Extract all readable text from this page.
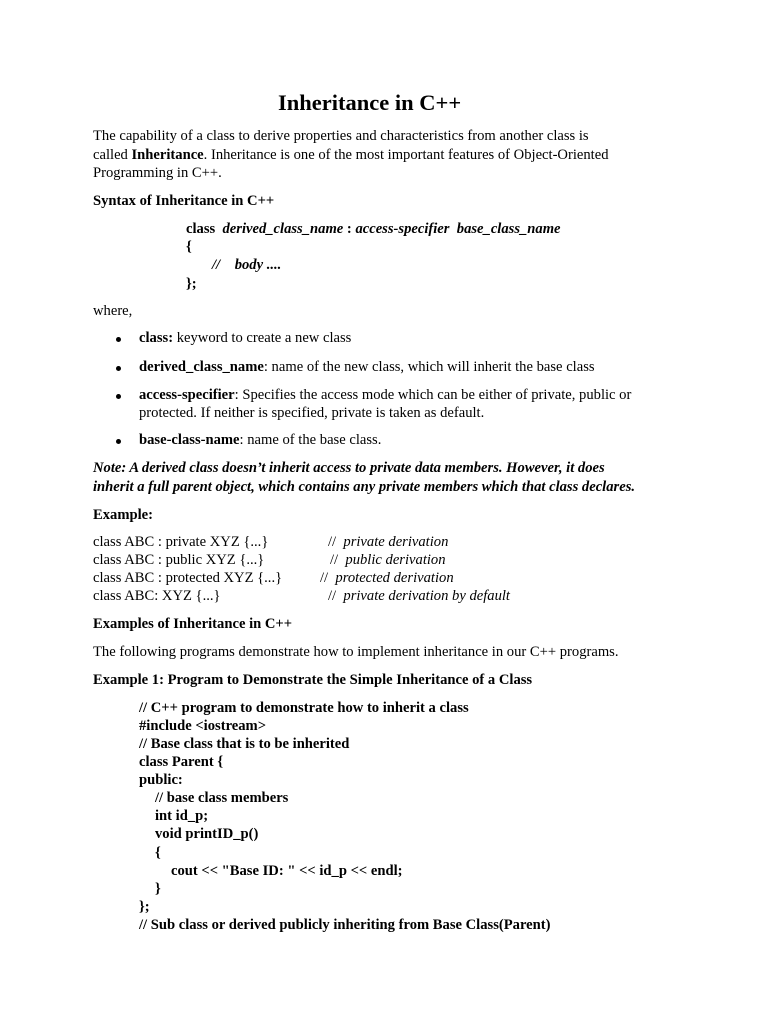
Inheritance in C++
The capability of a class to derive properties and characteristics from another class is
called Inheritance. Inheritance is one of the most important features of Object-Oriented
Programming in C++.
Syntax of Inheritance in C++
class derived_class_name : access-specifier base_class_name
{
// body ....
};
where,
class: keyword to create a new class
derived_class_name: name of the new class, which will inherit the base class
access-specifier: Specifies the access mode which can be either of private, public or
protected. If neither is specified, private is taken as default.
base-class-name: name of the base class.
Note: A derived class doesn’t inherit access to private data members. However, it does
inherit a full parent object, which contains any private members which that class declares.
Example:
class ABC : private XYZ {...}	// private derivation
class ABC : public XYZ {...}	// public derivation
class ABC : protected XYZ {...}	// protected derivation
class ABC: XYZ {...}	// private derivation by default
Examples of Inheritance in C++
The following programs demonstrate how to implement inheritance in our C++ programs.
Example 1: Program to Demonstrate the Simple Inheritance of a Class
// C++ program to demonstrate how to inherit a class
#include <iostream>
// Base class that is to be inherited
class Parent {
public:
// base class members
int id_p;
void printID_p()
{
cout << "Base ID: " << id_p << endl;
}
};
// Sub class or derived publicly inheriting from Base Class(Parent)
